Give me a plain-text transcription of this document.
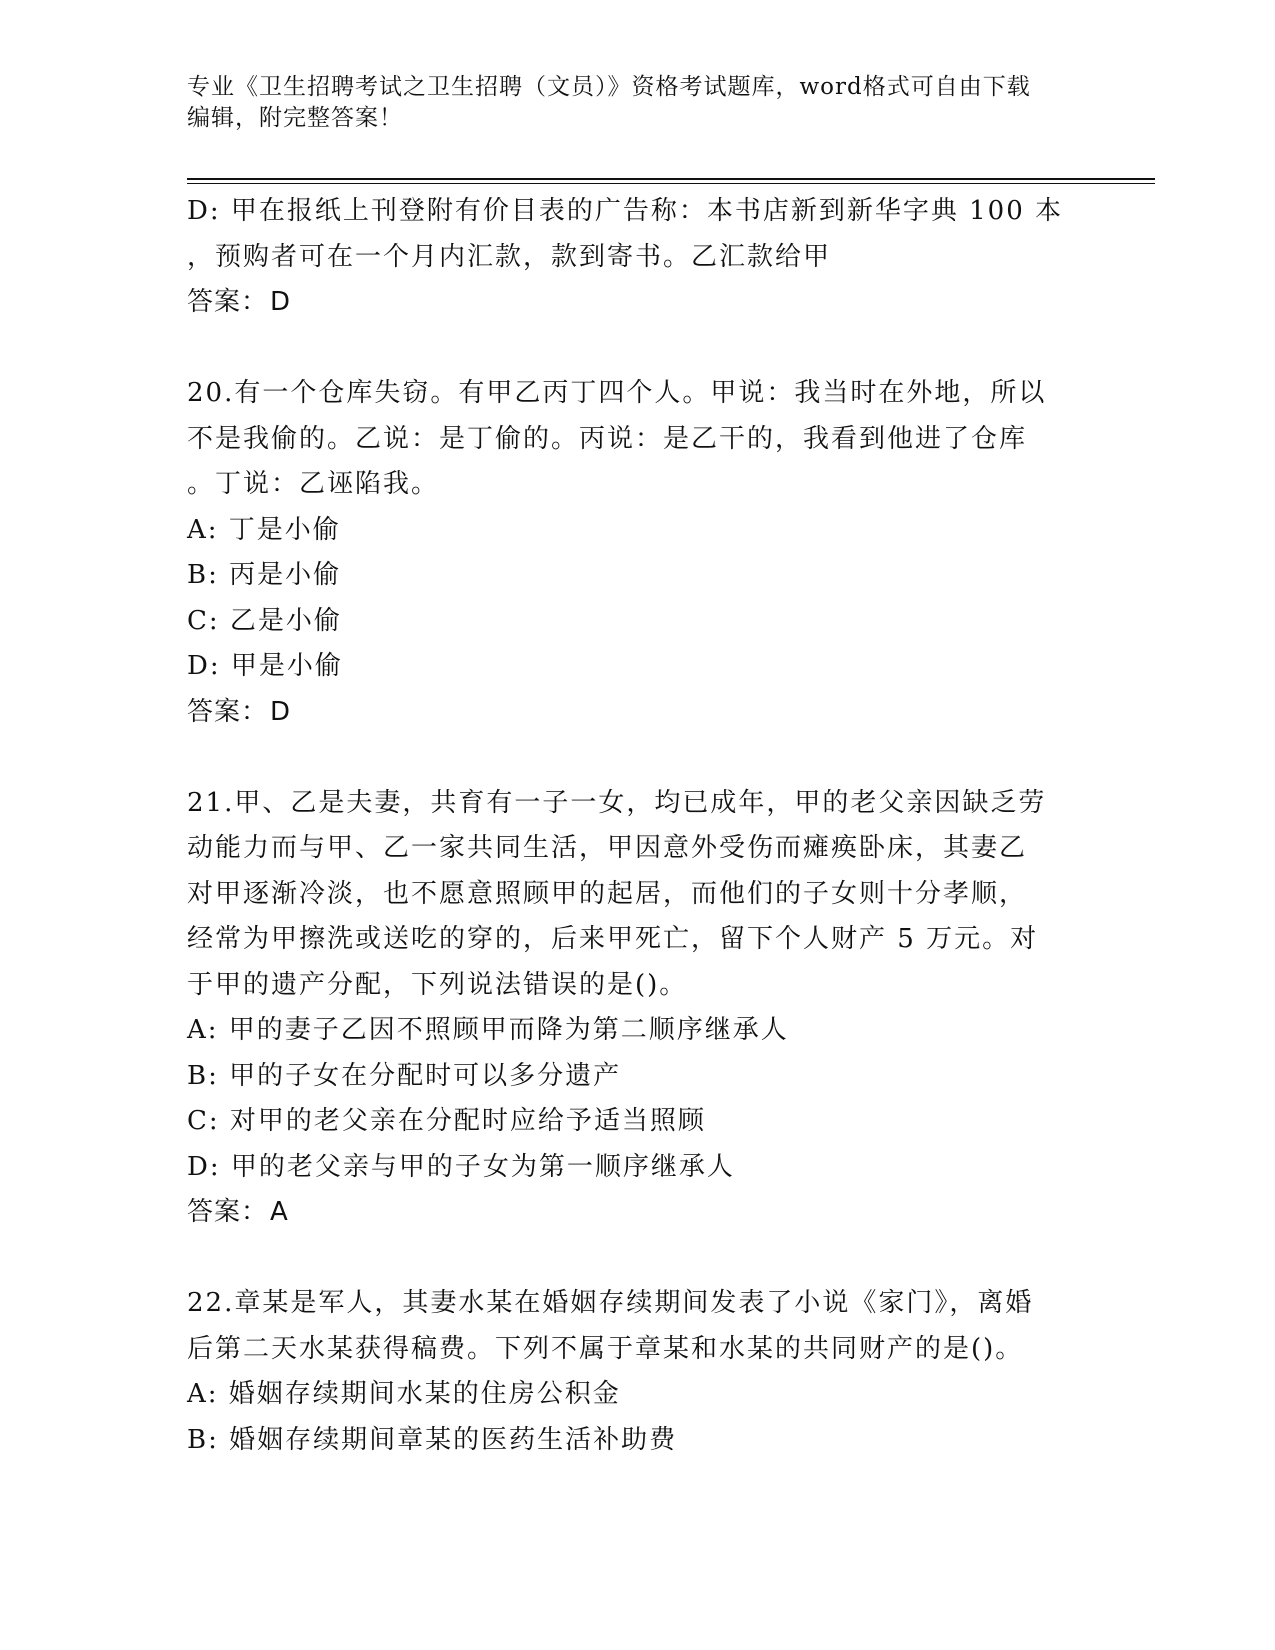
专业《卫生招聘考试之卫生招聘（文员）》资格考试题库，word格式可自由下载
编辑，附完整答案！
D: 甲在报纸上刊登附有价目表的广告称：本书店新到新华字典 100 本
，预购者可在一个月内汇款，款到寄书。乙汇款给甲
答案：D
20.有一个仓库失窃。有甲乙丙丁四个人。甲说：我当时在外地，所以
不是我偷的。乙说：是丁偷的。丙说：是乙干的，我看到他进了仓库
。丁说：乙诬陷我。
A: 丁是小偷
B: 丙是小偷
C: 乙是小偷
D: 甲是小偷
答案：D
21.甲、乙是夫妻，共育有一子一女，均已成年，甲的老父亲因缺乏劳
动能力而与甲、乙一家共同生活，甲因意外受伤而瘫痪卧床，其妻乙
对甲逐渐冷淡，也不愿意照顾甲的起居，而他们的子女则十分孝顺，
经常为甲擦洗或送吃的穿的，后来甲死亡，留下个人财产 5 万元。对
于甲的遗产分配，下列说法错误的是()。
A: 甲的妻子乙因不照顾甲而降为第二顺序继承人
B: 甲的子女在分配时可以多分遗产
C: 对甲的老父亲在分配时应给予适当照顾
D: 甲的老父亲与甲的子女为第一顺序继承人
答案：A
22.章某是军人，其妻水某在婚姻存续期间发表了小说《家门》，离婚
后第二天水某获得稿费。下列不属于章某和水某的共同财产的是()。
A: 婚姻存续期间水某的住房公积金
B: 婚姻存续期间章某的医药生活补助费
